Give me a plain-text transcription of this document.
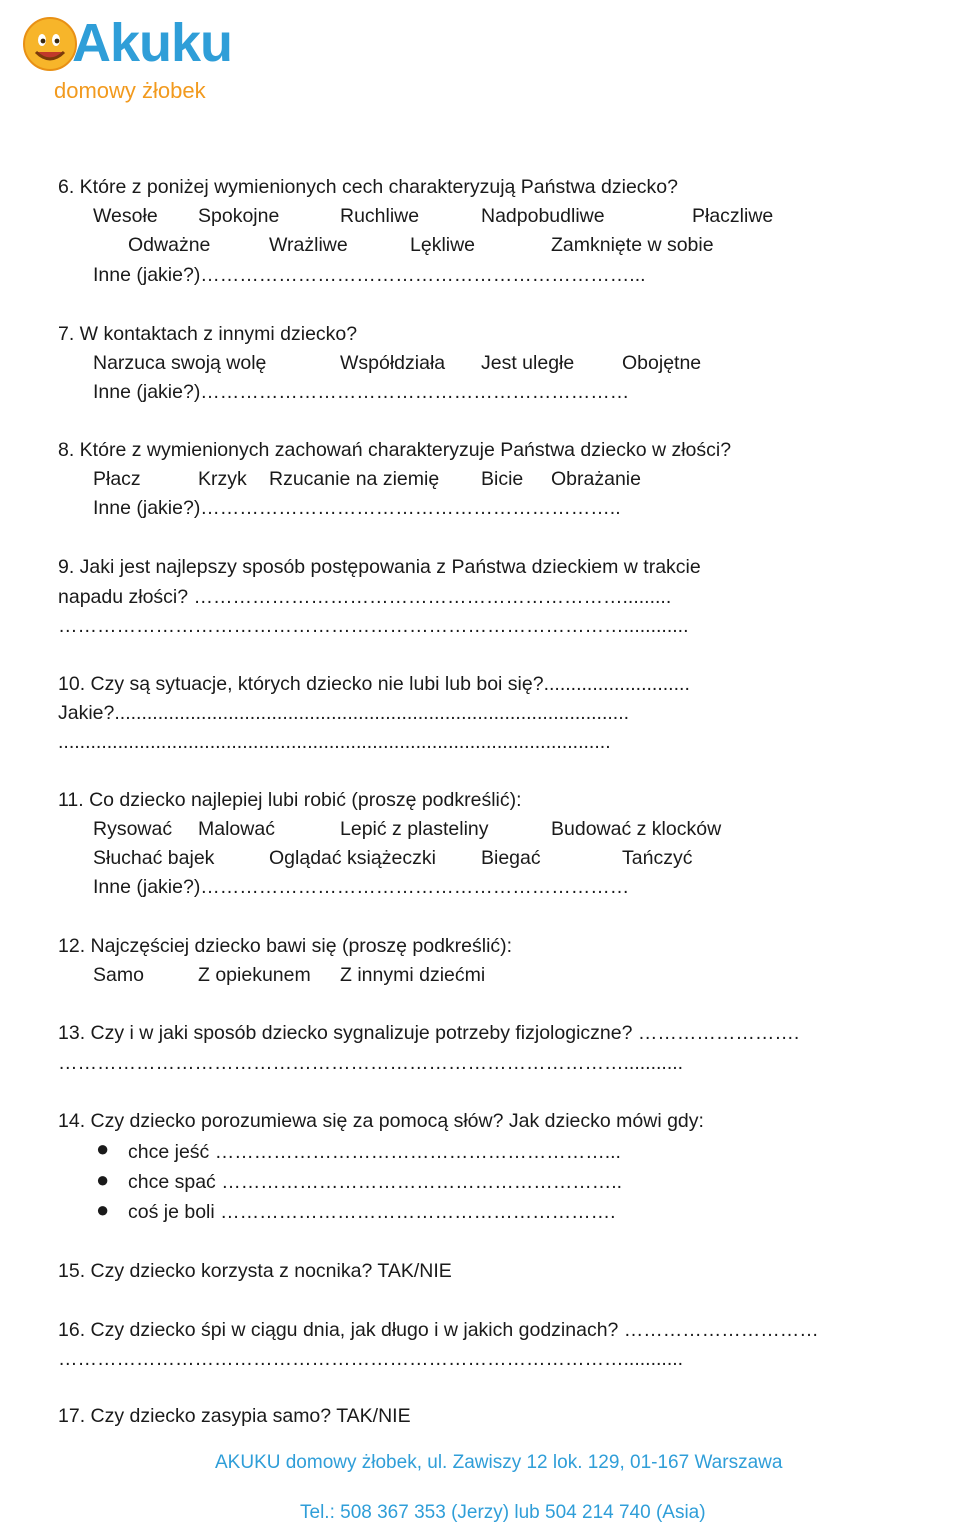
Akuku
domowy żłobek
6. Które z poniżej wymienionych cech charakteryzują Państwa dziecko?
Wesołe Spokojne	Ruchliwe	Nadpobudliwe	Płaczliwe
Odważne	Wrażliwe	Lękliwe	Zamknięte w sobie
Inne (jakie?)…………………………………………………………...
7. W kontaktach z innymi dziecko?
Narzuca swoją wolę	Współdziała Jest uległe Obojętne
Inne (jakie?)…………………………………………………………
8. Które z wymienionych zachowań charakteryzuje Państwa dziecko w złości?
Płacz	Krzyk Rzucanie na ziemię Bicie Obrażanie
Inne (jakie?)………………………………………………………..
9. Jaki jest najlepszy sposób postępowania z Państwa dzieckiem w trakcie
napadu złości? ………………………………………………………….........
……………………………………………………………………………............
10. Czy są sytuacje, których dziecko nie lubi lub boi się?...........................
Jakie?...............................................................................................
......................................................................................................
11. Co dziecko najlepiej lubi robić (proszę podkreślić):
Rysować Malować	Lepić z plasteliny	Budować z klocków
Słuchać bajek	Oglądać książeczki Biegać	Tańczyć
Inne (jakie?)…………………………………………………………
12. Najczęściej dziecko bawi się (proszę podkreślić):
Samo	Z opiekunem Z innymi dziećmi
13. Czy i w jaki sposób dziecko sygnalizuje potrzeby fizjologiczne? …………………….
……………………………………………………………………………...........
14. Czy dziecko porozumiewa się za pomocą słów? Jak dziecko mówi gdy:
● chce jeść ……………………………………………………...
● chce spać ……………………………………………………..
● coś je boli …………………………………………………….
15. Czy dziecko korzysta z nocnika? TAK/NIE
16. Czy dziecko śpi w ciągu dnia, jak długo i w jakich godzinach? …………………………
……………………………………………………………………………...........
17. Czy dziecko zasypia samo? TAK/NIE
AKUKU domowy żłobek, ul. Zawiszy 12 lok. 129, 01-167 Warszawa
Tel.: 508 367 353 (Jerzy) lub 504 214 740 (Asia)
